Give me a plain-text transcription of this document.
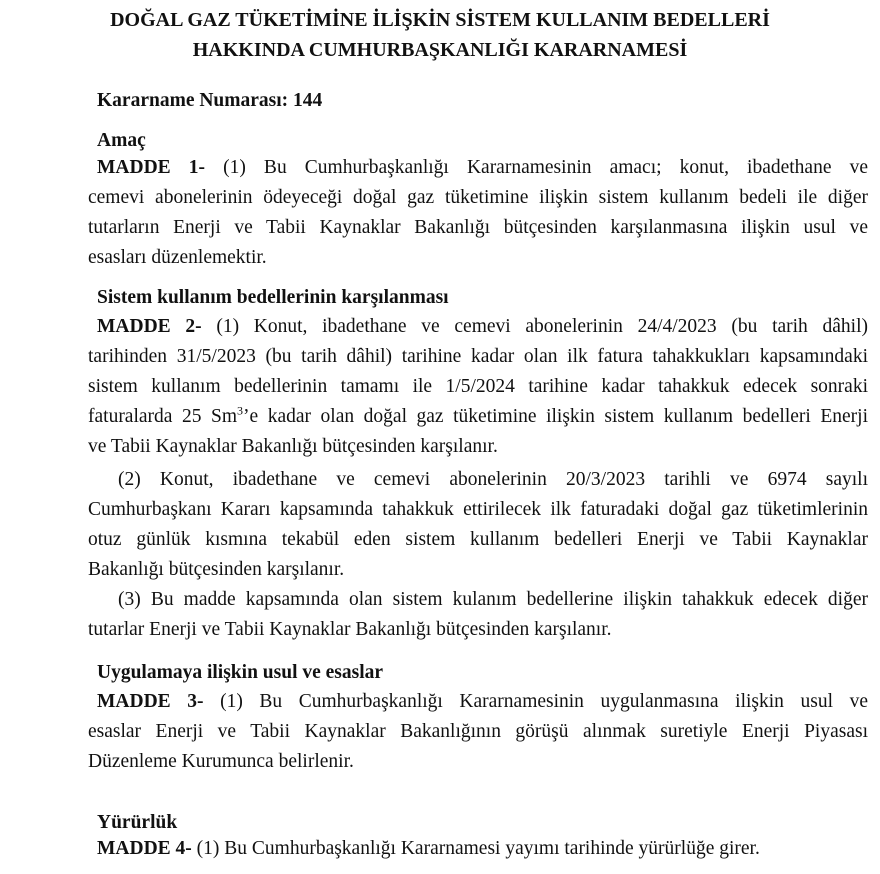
DOĞAL GAZ TÜKETİMİNE İLİŞKİN SİSTEM KULLANIM BEDELLERİ
HAKKINDA CUMHURBAŞKANLIĞI KARARNAMESİ
Kararname Numarası: 144
Amaç
MADDE 1- (1) Bu Cumhurbaşkanlığı Kararnamesinin amacı; konut, ibadethane ve
cemevi abonelerinin ödeyeceği doğal gaz tüketimine ilişkin sistem kullanım bedeli ile diğer
tutarların Enerji ve Tabii Kaynaklar Bakanlığı bütçesinden karşılanmasına ilişkin usul ve
esasları düzenlemektir.
Sistem kullanım bedellerinin karşılanması
MADDE 2- (1) Konut, ibadethane ve cemevi abonelerinin 24/4/2023 (bu tarih dâhil)
tarihinden 31/5/2023 (bu tarih dâhil) tarihine kadar olan ilk fatura tahakkukları kapsamındaki
sistem kullanım bedellerinin tamamı ile 1/5/2024 tarihine kadar tahakkuk edecek sonraki
faturalarda 25 Sm$^3$’e kadar olan doğal gaz tüketimine ilişkin sistem kullanım bedelleri Enerji
ve Tabii Kaynaklar Bakanlığı bütçesinden karşılanır.
(2) Konut, ibadethane ve cemevi abonelerinin 20/3/2023 tarihli ve 6974 sayılı
Cumhurbaşkanı Kararı kapsamında tahakkuk ettirilecek ilk faturadaki doğal gaz tüketimlerinin
otuz günlük kısmına tekabül eden sistem kullanım bedelleri Enerji ve Tabii Kaynaklar
Bakanlığı bütçesinden karşılanır.
(3) Bu madde kapsamında olan sistem kulanım bedellerine ilişkin tahakkuk edecek diğer
tutarlar Enerji ve Tabii Kaynaklar Bakanlığı bütçesinden karşılanır.
Uygulamaya ilişkin usul ve esaslar
MADDE 3- (1) Bu Cumhurbaşkanlığı Kararnamesinin uygulanmasına ilişkin usul ve
esaslar Enerji ve Tabii Kaynaklar Bakanlığının görüşü alınmak suretiyle Enerji Piyasası
Düzenleme Kurumunca belirlenir.
Yürürlük
MADDE 4- (1) Bu Cumhurbaşkanlığı Kararnamesi yayımı tarihinde yürürlüğe girer.
